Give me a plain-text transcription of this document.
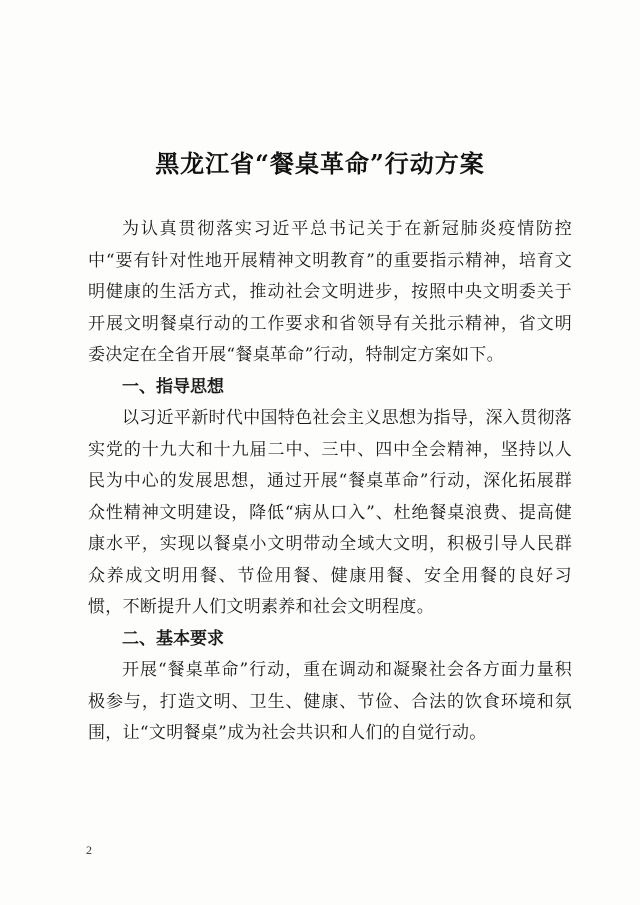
黑龙江省“餐桌革命”行动方案

为认真贯彻落实习近平总书记关于在新冠肺炎疫情防控中“要有针对性地开展精神文明教育”的重要指示精神，培育文明健康的生活方式，推动社会文明进步，按照中央文明委关于开展文明餐桌行动的工作要求和省领导有关批示精神，省文明委决定在全省开展“餐桌革命”行动，特制定方案如下。

一、指导思想

以习近平新时代中国特色社会主义思想为指导，深入贯彻落实党的十九大和十九届二中、三中、四中全会精神，坚持以人民为中心的发展思想，通过开展“餐桌革命”行动，深化拓展群众性精神文明建设，降低“病从口入”、杜绝餐桌浪费、提高健康水平，实现以餐桌小文明带动全域大文明，积极引导人民群众养成文明用餐、节俭用餐、健康用餐、安全用餐的良好习惯，不断提升人们文明素养和社会文明程度。

二、基本要求

开展“餐桌革命”行动，重在调动和凝聚社会各方面力量积极参与，打造文明、卫生、健康、节俭、合法的饮食环境和氛围，让“文明餐桌”成为社会共识和人们的自觉行动。

2
